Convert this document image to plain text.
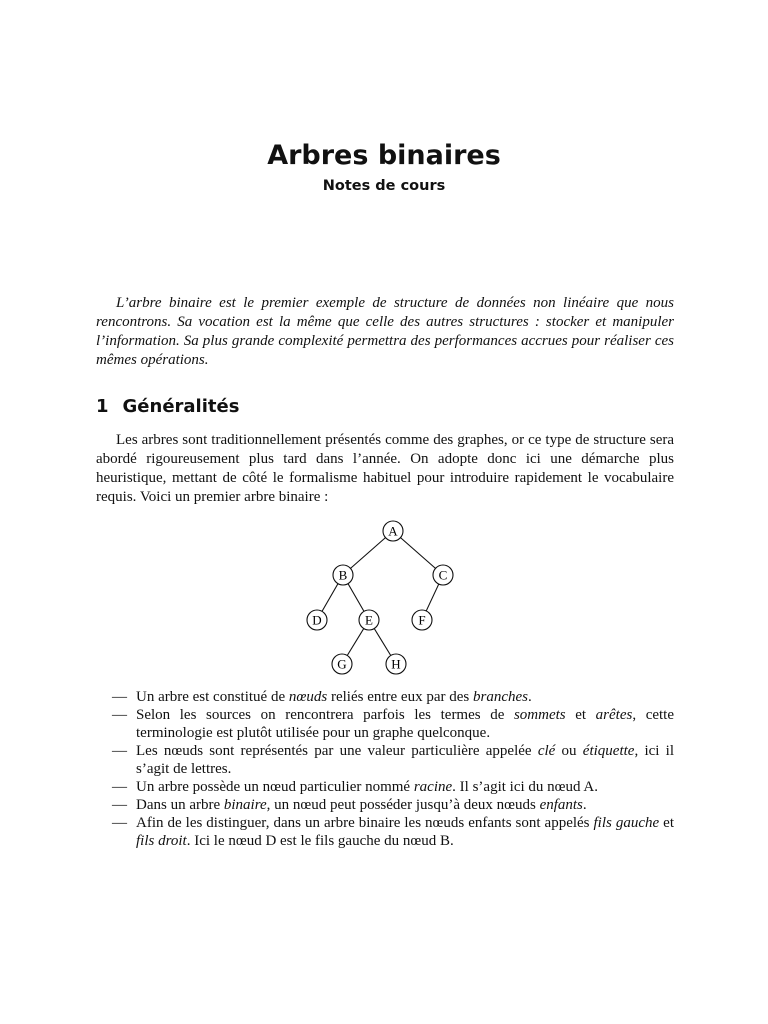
Arbres binaires
Notes de cours

L’arbre binaire est le premier exemple de structure de données non linéaire que nous rencontrons. Sa vocation est la même que celle des autres structures : stocker et manipuler l’information. Sa plus grande complexité permettra des performances accrues pour réaliser ces mêmes opérations.

1 Généralités

Les arbres sont traditionnellement présentés comme des graphes, or ce type de structure sera abordé rigoureusement plus tard dans l’année. On adopte donc ici une démarche plus heuristique, mettant de côté le formalisme habituel pour introduire rapidement le vocabulaire requis. Voici un premier arbre binaire :

A
B	C
D	E	F
G	H
— Un arbre est constitué de nœuds reliés entre eux par des branches.
— Selon les sources on rencontrera parfois les termes de sommets et arêtes, cette terminologie est plutôt utilisée pour un graphe quelconque.
— Les nœuds sont représentés par une valeur particulière appelée clé ou étiquette, ici il s’agit de lettres.
— Un arbre possède un nœud particulier nommé racine. Il s’agit ici du nœud A.
— Dans un arbre binaire, un nœud peut posséder jusqu’à deux nœuds enfants.
— Afin de les distinguer, dans un arbre binaire les nœuds enfants sont appelés fils gauche et fils droit. Ici le nœud D est le fils gauche du nœud B.
